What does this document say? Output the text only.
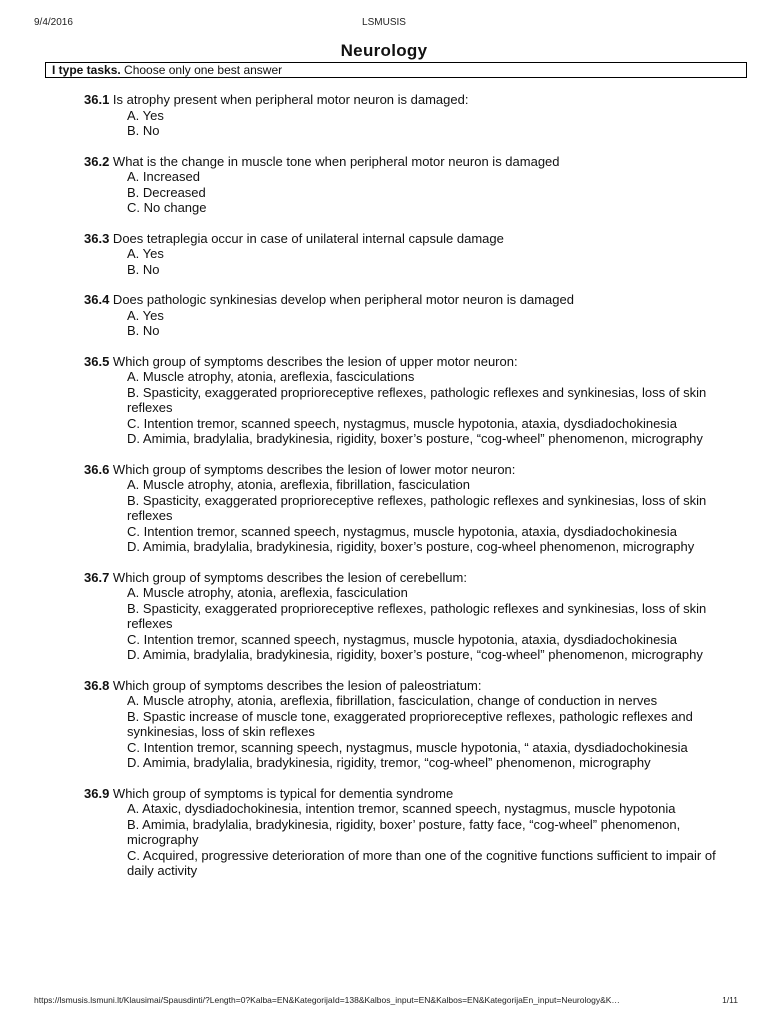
9/4/2016	LSMUSIS
Neurology
I type tasks. Choose only one best answer
36.1 Is atrophy present when peripheral motor neuron is damaged:
A. Yes
B. No
36.2 What is the change in muscle tone when peripheral motor neuron is damaged
A. Increased
B. Decreased
C. No change
36.3 Does tetraplegia occur in case of unilateral internal capsule damage
A. Yes
B. No
36.4 Does pathologic synkinesias develop when peripheral motor neuron is damaged
A. Yes
B. No
36.5 Which group of symptoms describes the lesion of upper motor neuron:
A. Muscle atrophy, atonia, areflexia, fasciculations
B. Spasticity, exaggerated proprioreceptive reflexes, pathologic reflexes and synkinesias, loss of skin reflexes
C. Intention tremor, scanned speech, nystagmus, muscle hypotonia, ataxia, dysdiadochokinesia
D. Amimia, bradylalia, bradykinesia, rigidity, boxer’s posture, “cog-wheel” phenomenon, micrography
36.6 Which group of symptoms describes the lesion of lower motor neuron:
A. Muscle atrophy, atonia, areflexia, fibrillation, fasciculation
B. Spasticity, exaggerated proprioreceptive reflexes, pathologic reflexes and synkinesias, loss of skin reflexes
C. Intention tremor, scanned speech, nystagmus, muscle hypotonia, ataxia, dysdiadochokinesia
D. Amimia, bradylalia, bradykinesia, rigidity, boxer’s posture, cog-wheel phenomenon, micrography
36.7 Which group of symptoms describes the lesion of cerebellum:
A. Muscle atrophy, atonia, areflexia, fasciculation
B. Spasticity, exaggerated proprioreceptive reflexes, pathologic reflexes and synkinesias, loss of skin reflexes
C. Intention tremor, scanned speech, nystagmus, muscle hypotonia, ataxia, dysdiadochokinesia
D. Amimia, bradylalia, bradykinesia, rigidity, boxer’s posture, “cog-wheel” phenomenon, micrography
36.8 Which group of symptoms describes the lesion of paleostriatum:
A. Muscle atrophy, atonia, areflexia, fibrillation, fasciculation, change of conduction in nerves
B. Spastic increase of muscle tone, exaggerated proprioreceptive reflexes, pathologic reflexes and synkinesias, loss of skin reflexes
C. Intention tremor, scanning speech, nystagmus, muscle hypotonia, “ ataxia, dysdiadochokinesia
D. Amimia, bradylalia, bradykinesia, rigidity, tremor, “cog-wheel” phenomenon, micrography
36.9 Which group of symptoms is typical for dementia syndrome
A. Ataxic, dysdiadochokinesia, intention tremor, scanned speech, nystagmus, muscle hypotonia
B. Amimia, bradylalia, bradykinesia, rigidity, boxer’ posture, fatty face, “cog-wheel” phenomenon, micrography
C. Acquired, progressive deterioration of more than one of the cognitive functions sufficient to impair of daily activity
https://lsmusis.lsmuni.lt/Klausimai/Spausdinti/?Length=0?Kalba=EN&KategorijaId=138&Kalbos_input=EN&Kalbos=EN&KategorijaEn_input=Neurology&K…	1/11
